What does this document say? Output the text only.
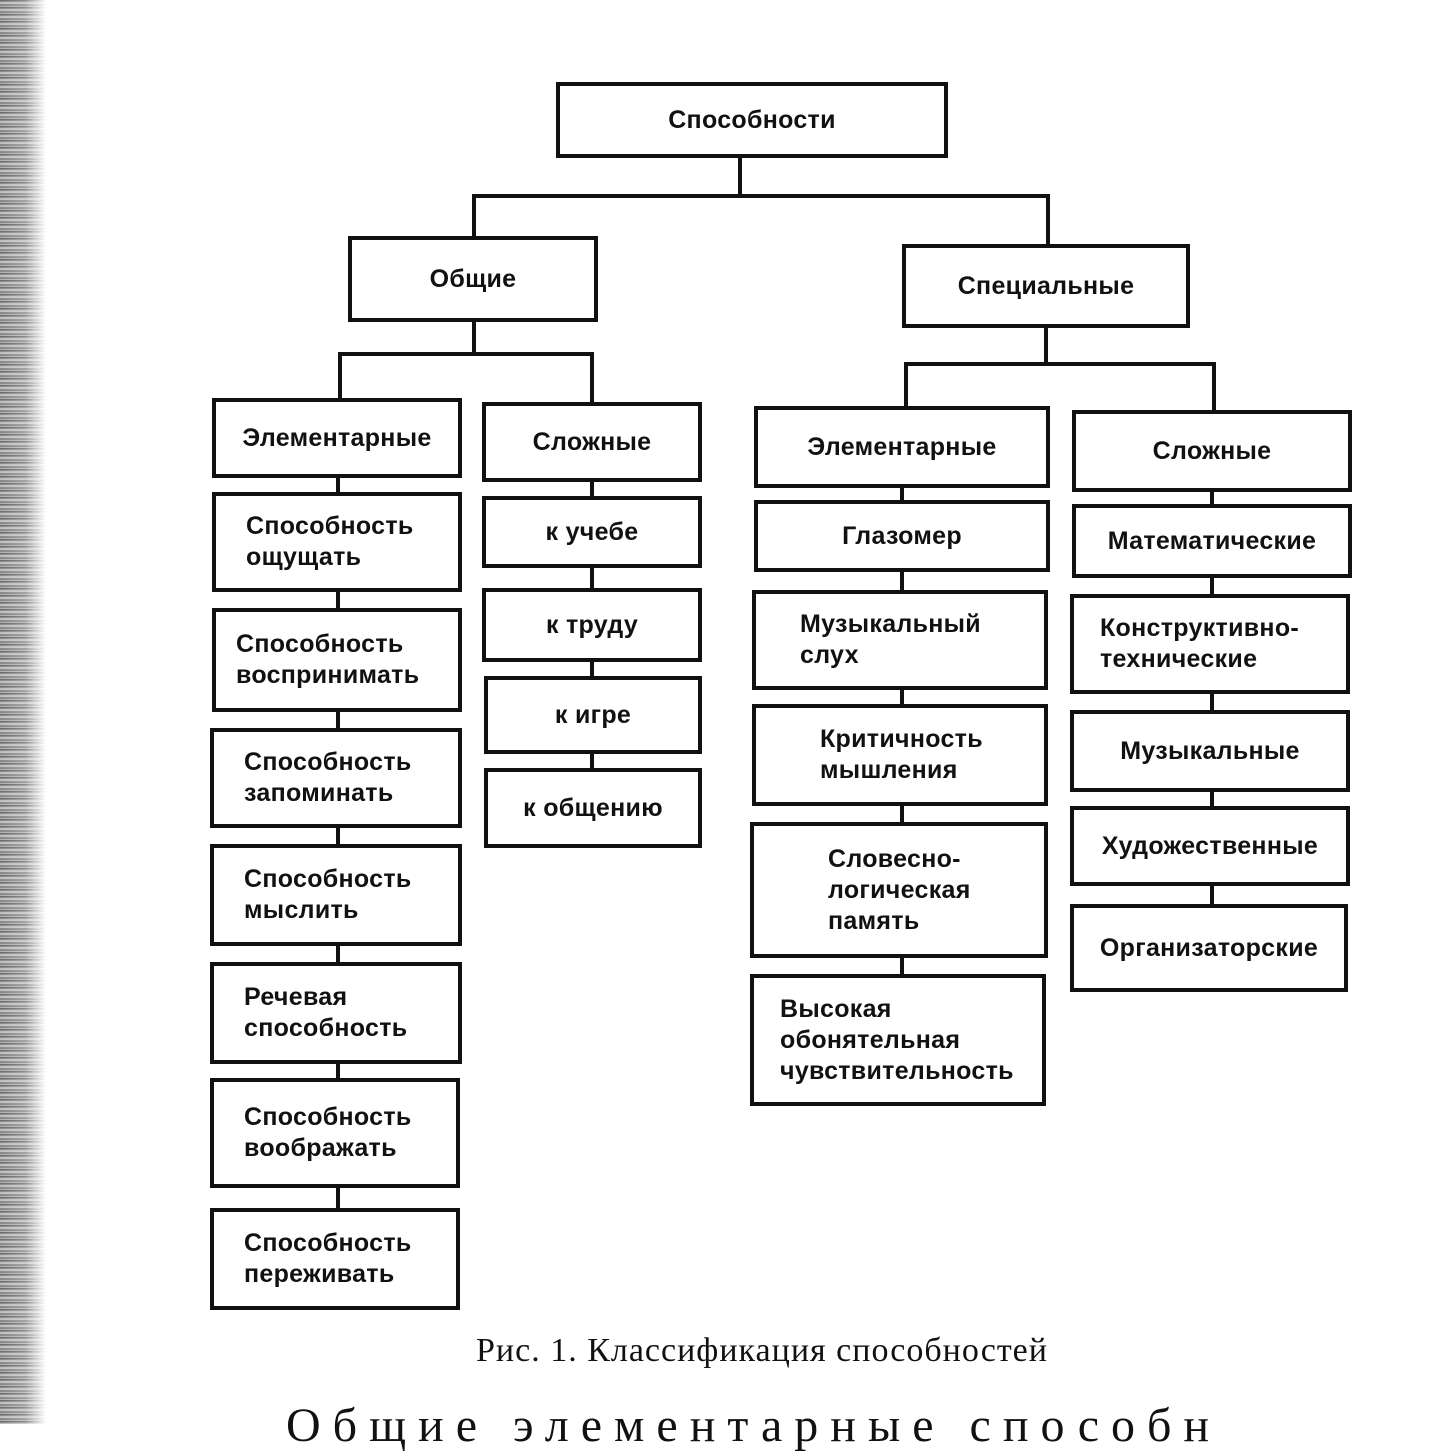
Способности
Общие	Специальные
Элементарные	Сложные	Элементарные	Сложные
Способность
ощущать
Способность
воспринимать
Способность
запоминать
Способность
мыслить
Речевая
способность
Способность
воображать
Способность
переживать
к учебе
к труду
к игре
к общению
Глазомер
Музыкальный
слух
Критичность
мышления
Словесно-
логическая
память
Высокая
обонятельная
чувствительность
Математические
Конструктивно-
технические
Музыкальные
Художественные
Организаторские
Рис. 1. Классификация способностей
Общие элементарные способн
